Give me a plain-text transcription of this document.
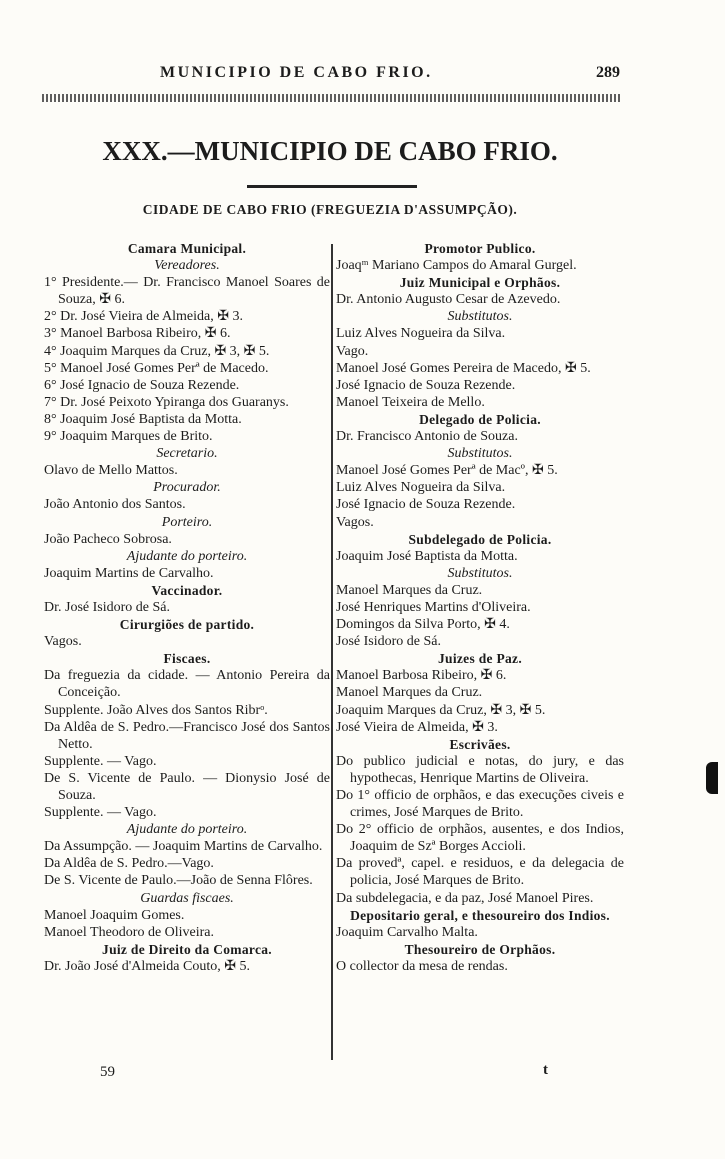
MUNICIPIO DE CABO FRIO.	289
XXX.—MUNICIPIO DE CABO FRIO.
CIDADE DE CABO FRIO (FREGUEZIA D'ASSUMPÇÃO).
Camara Municipal.
Vereadores.
1° Presidente.— Dr. Francisco Manoel Soares de Souza, ✠ 6.
2° Dr. José Vieira de Almeida, ✠ 3.
3° Manoel Barbosa Ribeiro, ✠ 6.
4° Joaquim Marques da Cruz, ✠ 3, ✠ 5.
5° Manoel José Gomes Perª de Macedo.
6° José Ignacio de Souza Rezende.
7° Dr. José Peixoto Ypiranga dos Guaranys.
8° Joaquim José Baptista da Motta.
9° Joaquim Marques de Brito.
Secretario.
Olavo de Mello Mattos.
Procurador.
João Antonio dos Santos.
Porteiro.
João Pacheco Sobrosa.
Ajudante do porteiro.
Joaquim Martins de Carvalho.
Vaccinador.
Dr. José Isidoro de Sá.
Cirurgiões de partido.
Vagos.
Fiscaes.
Da freguezia da cidade. — Antonio Pereira da Conceição.
Supplente. João Alves dos Santos Ribrᵒ.
Da Aldêa de S. Pedro.—Francisco José dos Santos Netto.
Supplente. — Vago.
De S. Vicente de Paulo. — Dionysio José de Souza.
Supplente. — Vago.
Ajudante do porteiro.
Da Assumpção. — Joaquim Martins de Carvalho.
Da Aldêa de S. Pedro.—Vago.
De S. Vicente de Paulo.—João de Senna Flôres.
Guardas fiscaes.
Manoel Joaquim Gomes.
Manoel Theodoro de Oliveira.
Juiz de Direito da Comarca.
Dr. João José d'Almeida Couto, ✠ 5.
Promotor Publico.
Joaqᵐ Mariano Campos do Amaral Gurgel.
Juiz Municipal e Orphãos.
Dr. Antonio Augusto Cesar de Azevedo.
Substitutos.
Luiz Alves Nogueira da Silva.
Vago.
Manoel José Gomes Pereira de Macedo, ✠ 5.
José Ignacio de Souza Rezende.
Manoel Teixeira de Mello.
Delegado de Policia.
Dr. Francisco Antonio de Souza.
Substitutos.
Manoel José Gomes Perª de Macº, ✠ 5.
Luiz Alves Nogueira da Silva.
José Ignacio de Souza Rezende.
Vagos.
Subdelegado de Policia.
Joaquim José Baptista da Motta.
Substitutos.
Manoel Marques da Cruz.
José Henriques Martins d'Oliveira.
Domingos da Silva Porto, ✠ 4.
José Isidoro de Sá.
Juizes de Paz.
Manoel Barbosa Ribeiro, ✠ 6.
Manoel Marques da Cruz.
Joaquim Marques da Cruz, ✠ 3, ✠ 5.
José Vieira de Almeida, ✠ 3.
Escrivães.
Do publico judicial e notas, do jury, e das hypothecas, Henrique Martins de Oliveira.
Do 1° officio de orphãos, e das execuções civeis e crimes, José Marques de Brito.
Do 2° officio de orphãos, ausentes, e dos Indios, Joaquim de Szª Borges Accioli.
Da provedª, capel. e residuos, e da delegacia de policia, José Marques de Brito.
Da subdelegacia, e da paz, José Manoel Pires.
Depositario geral, e thesoureiro dos Indios.
Joaquim Carvalho Malta.
Thesoureiro de Orphãos.
O collector da mesa de rendas.
59	t
